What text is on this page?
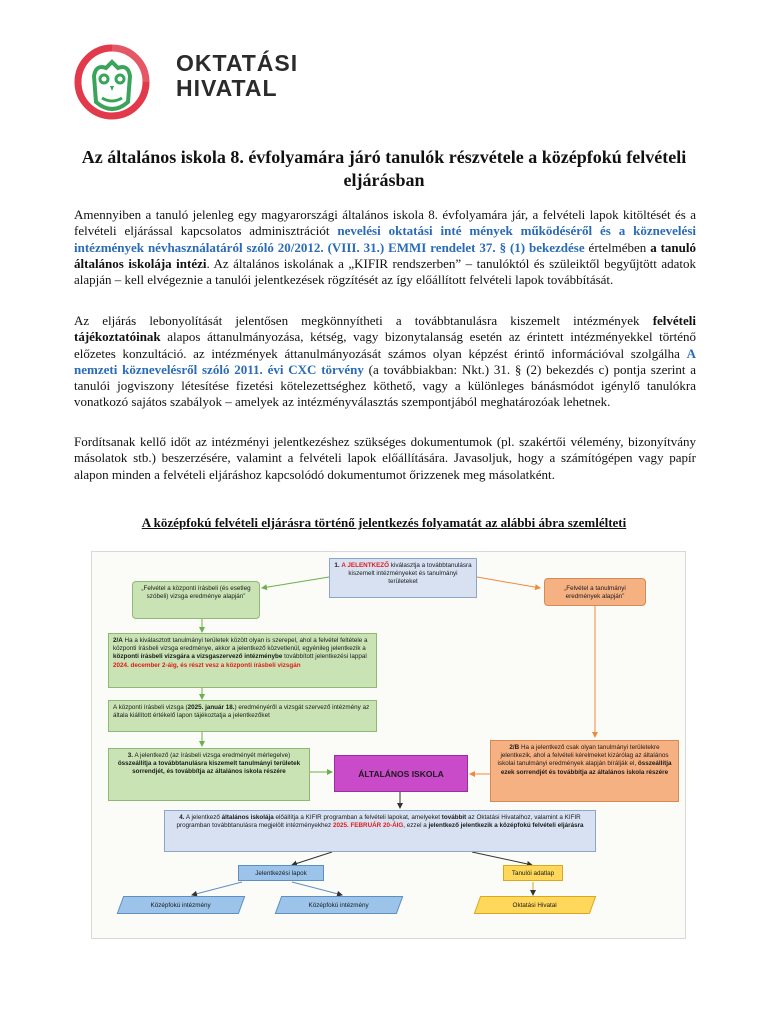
OKTATÁSI
HIVATAL
Az általános iskola 8. évfolyamára járó tanulók részvétele a középfokú felvételi eljárásban

Amennyiben a tanuló jelenleg egy magyarországi általános iskola 8. évfolyamára jár, a felvételi lapok kitöltését és a felvételi eljárással kapcsolatos adminisztrációt nevelési oktatási inté mények működéséről és a köznevelési intézmények névhasználatáról szóló 20/2012. (VIII. 31.) EMMI rendelet 37. § (1) bekezdése értelmében a tanuló általános iskolája intézi. Az általános iskolának a „KIFIR rendszerben” – tanulóktól és szüleiktől begyűjtött adatok alapján – kell elvégeznie a tanulói jelentkezések rögzítését az így előállított felvételi lapok továbbítását.

Az eljárás lebonyolítását jelentősen megkönnyítheti a továbbtanulásra kiszemelt intézmények felvételi tájékoztatóinak alapos áttanulmányozása, kétség, vagy bizonytalanság esetén az érintett intézményekkel történő előzetes konzultáció. az intézmények áttanulmányozását számos olyan képzést érintő információval szolgálha A nemzeti köznevelésről szóló 2011. évi CXC törvény (a továbbiakban: Nkt.) 31. § (2) bekezdés c) pontja szerint a tanulói jogviszony létesítése fizetési kötelezettséghez köthető, vagy a különleges bánásmódot igénylő tanulókra vonatkozó sajátos szabályok – amelyek az intézményválasztás szempontjából meghatározóak lehetnek.

Fordítsanak kellő időt az intézményi jelentkezéshez szükséges dokumentumok (pl. szakértői vélemény, bizonyítvány másolatok stb.) beszerzésére, valamint a felvételi lapok előállítására. Javasoljuk, hogy a számítógépen vagy papír alapon minden a felvételi eljáráshoz kapcsolódó dokumentumot őrizzenek meg másolatként.

A középfokú felvételi eljárásra történő jelentkezés folyamatát az alábbi ábra szemlélteti
1. A JELENTKEZŐ kiválasztja a továbbtanulásra kiszemelt intézményeket és tanulmányi területeket
„Felvétel a központi írásbeli (és esetleg szóbeli) vizsga eredménye alapján”
„Felvétel a tanulmányi eredmények alapján”
2/A Ha a kiválasztott tanulmányi területek között olyan is szerepel, ahol a felvétel feltétele a központi írásbeli vizsga eredménye, akkor a jelentkező közvetlenül, egyénileg jelentkezik a központi írásbeli vizsgára a vizsgaszervező intézménybe továbbított jelentkezési lappal 2024. december 2-áig, és részt vesz a központi írásbeli vizsgán
A központi írásbeli vizsga (2025. január 18.) eredményéről a vizsgát szervező intézmény az általa kiállított értékelő lapon tájékoztatja a jelentkezőket
3. A jelentkező (az írásbeli vizsga eredményét mérlegelve) összeállítja a továbbtanulásra kiszemelt tanulmányi területek sorrendjét, és továbbítja az általános iskola részére	ÁLTALÁNOS ISKOLA
2/B Ha a jelentkező csak olyan tanulmányi területekre jelentkezik, ahol a felvételi kérelmeket kizárólag az általános iskolai tanulmányi eredmények alapján bírálják el, összeállítja ezek sorrendjét és továbbítja az általános iskola részére
4. A jelentkező általános iskolája előállítja a KIFIR programban a felvételi lapokat, amelyeket továbbít az Oktatási Hivatalhoz, valamint a KIFIR programban továbbtanulásra megjelölt intézményekhez 2025. FEBRUÁR 20-ÁIG, ezzel a jelentkező jelentkezik a középfokú felvételi eljárásra
Jelentkezési lapok	Tanulói adatlap
Középfokú intézmény	Középfokú intézmény	Oktatási Hivatal
